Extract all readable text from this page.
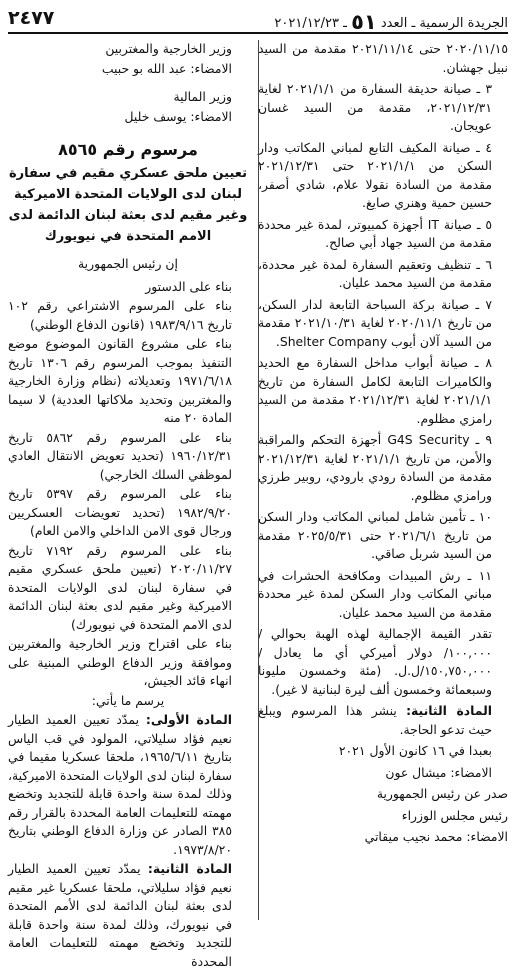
الجريدة الرسمية ـ العدد ٥١ ـ ٢٠٢١/١٢/٢٣
٢٤٧٧

٢٠٢٠/١١/١٥ حتى ٢٠٢١/١١/١٤ مقدمة من السيد نبيل جهشان.

٣ ـ صيانة حديقة السفارة من ٢٠٢١/١/١ لغاية ٢٠٢١/١٢/٣١، مقدمة من السيد غسان عويجان.

٤ ـ صيانة المكيف التابع لمباني المكاتب ودار السكن من ٢٠٢١/١/١ حتى ٢٠٢١/١٢/٣١ مقدمة من السادة نقولا علام، شادي أصفر، حسين حمية وهنري صايغ.

٥ ـ صيانة IT أجهزة كمبيوتر، لمدة غير محددة مقدمة من السيد جهاد أبي صالح.

٦ ـ تنظيف وتعقيم السفارة لمدة غير محددة، مقدمة من السيد محمد عليان.

٧ ـ صيانة بركة السباحة التابعة لدار السكن، من تاريخ ٢٠٢٠/١١/١ لغاية ٢٠٢١/١٠/٣١ مقدمة من السيد آلان أيوب Shelter Company.

٨ ـ صيانة أبواب مداخل السفارة مع الحديد والكاميرات التابعة لكامل السفارة من تاريخ ٢٠٢١/١/١ لغاية ٢٠٢١/١٢/٣١ مقدمة من السيد رامزي مظلوم.

٩ ـ G4S Security أجهزة التحكم والمراقبة والأمن، من تاريخ ٢٠٢١/١/١ لغاية ٢٠٢١/١٢/٣١ مقدمة من السادة رودي بارودي، روبير طرزي ورامزي مظلوم.

١٠ ـ تأمين شامل لمباني المكاتب ودار السكن من تاريخ ٢٠٢١/٦/١ حتى ٢٠٢٥/٥/٣١ مقدمة من السيد شربل صاقي.

١١ ـ رش المبيدات ومكافحة الحشرات في مباني المكاتب ودار السكن لمدة غير محددة مقدمة من السيد محمد عليان.

تقدر القيمة الإجمالية لهذه الهبة بحوالي /١٠٠,٠٠٠/ دولار أميركي أي ما يعادل /١٥٠,٧٥٠,٠٠٠/ل.ل. (مئة وخمسون مليونا وسبعمائة وخمسون ألف ليرة لبنانية لا غير).

المادة الثانية: ينشر هذا المرسوم ويبلغ حيث تدعو الحاجة.

بعبدا في ١٦ كانون الأول ٢٠٢١

الامضاء: ميشال عون

صدر عن رئيس الجمهورية

رئيس مجلس الوزراء

الامضاء: محمد نجيب ميقاتي

وزير الخارجية والمغتربين

الامضاء: عبد الله بو حبيب

وزير المالية

الامضاء: يوسف خليل

مرسوم رقم ٨٥٦٥
تعيين ملحق عسكري مقيم في سفارة لبنان لدى الولايات المتحدة الاميركية وغير مقيم لدى بعثة لبنان الدائمة لدى الامم المتحدة في نيويورك

إن رئيس الجمهورية

بناء على الدستور

بناء على المرسوم الاشتراعي رقم ١٠٢ تاريخ ١٩٨٣/٩/١٦ (قانون الدفاع الوطني)

بناء على مشروع القانون الموضوع موضع التنفيذ بموجب المرسوم رقم ١٣٠٦ تاريخ ١٩٧١/٦/١٨ وتعديلاته (نظام وزارة الخارجية والمغتربين وتحديد ملاكاتها العددية) لا سيما المادة ٢٠ منه

بناء على المرسوم رقم ٥٨٦٢ تاريخ ١٩٦٠/١٢/٣١ (تحديد تعويض الانتقال العادي لموظفي السلك الخارجي)

بناء على المرسوم رقم ٥٣٩٧ تاريخ ١٩٨٢/٩/٢٠ (تحديد تعويضات العسكريين ورجال قوى الامن الداخلي والامن العام)

بناء على المرسوم رقم ٧١٩٢ تاريخ ٢٠٢٠/١١/٢٧ (تعيين ملحق عسكري مقيم في سفارة لبنان لدى الولايات المتحدة الاميركية وغير مقيم لدى بعثة لبنان الدائمة لدى الامم المتحدة في نيويورك)

بناء على اقتراح وزير الخارجية والمغتربين وموافقة وزير الدفاع الوطني المبنية على انهاء قائد الجيش،

يرسم ما يأتي:

المادة الأولى: يمدّد تعيين العميد الطيار نعيم فؤاد سليلاتي، المولود في قب الياس بتاريخ ١٩٦٥/٦/١١، ملحقا عسكريا مقيما في سفارة لبنان لدى الولايات المتحدة الاميركية، وذلك لمدة سنة واحدة قابلة للتجديد وتخضع مهمته للتعليمات العامة المحددة بالقرار رقم ٣٨٥ الصادر عن وزارة الدفاع الوطني بتاريخ ١٩٧٣/٨/٢٠.

المادة الثانية: يمدّد تعيين العميد الطيار نعيم فؤاد سليلاتي، ملحقا عسكريا غير مقيم لدى بعثة لبنان الدائمة لدى الأمم المتحدة في نيويورك، وذلك لمدة سنة واحدة قابلة للتجديد وتخضع مهمته للتعليمات العامة المحددة
